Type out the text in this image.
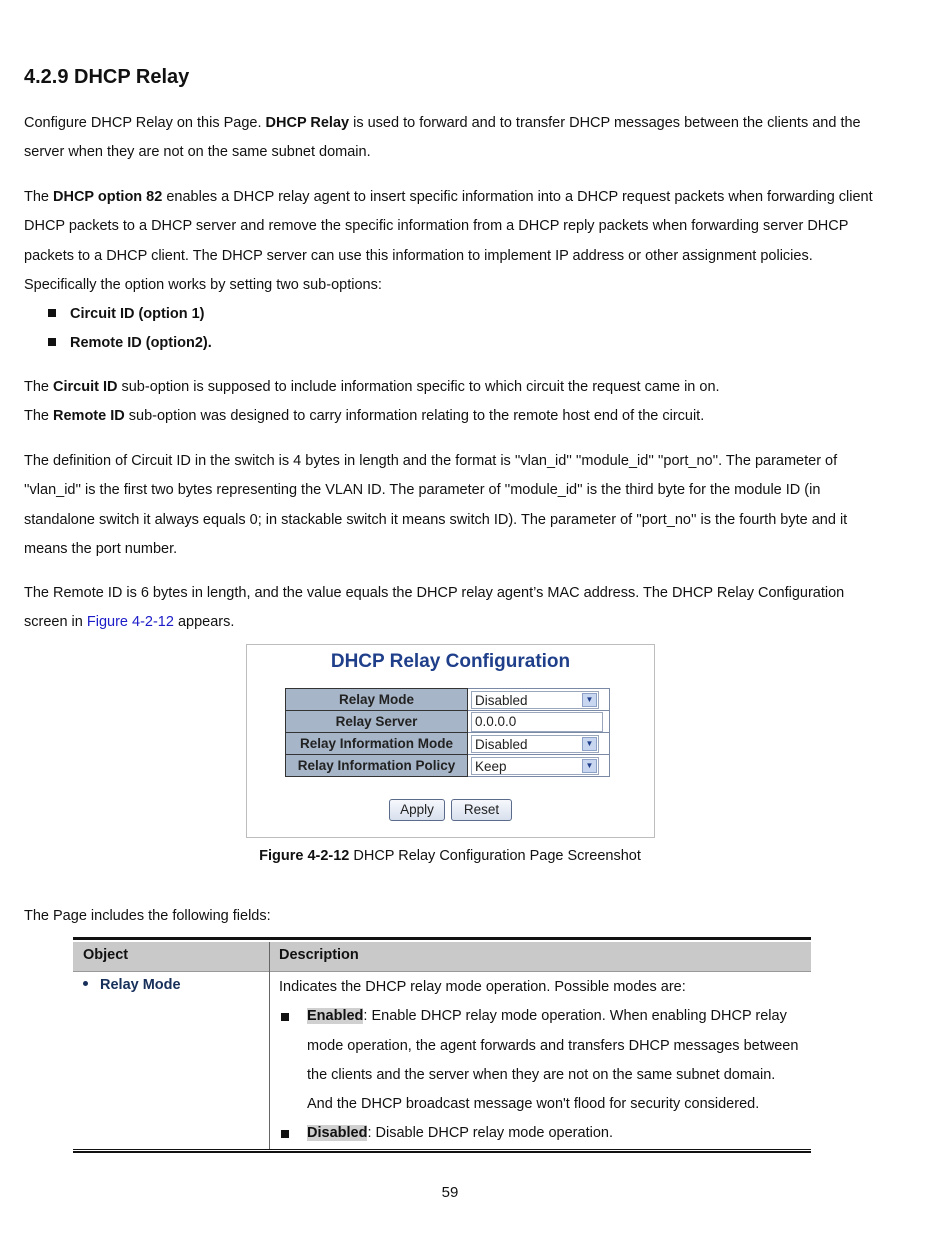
4.2.9 DHCP Relay

Configure DHCP Relay on this Page. DHCP Relay is used to forward and to transfer DHCP messages between the clients and the

server when they are not on the same subnet domain.

The DHCP option 82 enables a DHCP relay agent to insert specific information into a DHCP request packets when forwarding client

DHCP packets to a DHCP server and remove the specific information from a DHCP reply packets when forwarding server DHCP

packets to a DHCP client. The DHCP server can use this information to implement IP address or other assignment policies.

Specifically the option works by setting two sub-options:

Circuit ID (option 1)
Remote ID (option2).

The Circuit ID sub-option is supposed to include information specific to which circuit the request came in on.

The Remote ID sub-option was designed to carry information relating to the remote host end of the circuit.

The definition of Circuit ID in the switch is 4 bytes in length and the format is ''vlan_id'' ''module_id'' ''port_no''. The parameter of

''vlan_id'' is the first two bytes representing the VLAN ID. The parameter of ''module_id'' is the third byte for the module ID (in

standalone switch it always equals 0; in stackable switch it means switch ID). The parameter of ''port_no'' is the fourth byte and it

means the port number.

The Remote ID is 6 bytes in length, and the value equals the DHCP relay agent’s MAC address. The DHCP Relay Configuration

screen in Figure 4-2-12 appears.

DHCP Relay Configuration
Relay Mode	Disabled ▼

Relay Server	0.0.0.0

Relay Information Mode	Disabled ▼

Relay Information Policy	Keep ▼
Apply	Reset
Figure 4-2-12 DHCP Relay Configuration Page Screenshot

The Page includes the following fields:

Object	Description
Relay Mode	Indicates the DHCP relay mode operation. Possible modes are:
Enabled: Enable DHCP relay mode operation. When enabling DHCP relay
mode operation, the agent forwards and transfers DHCP messages between
the clients and the server when they are not on the same subnet domain.
And the DHCP broadcast message won't flood for security considered.
Disabled: Disable DHCP relay mode operation.
59
